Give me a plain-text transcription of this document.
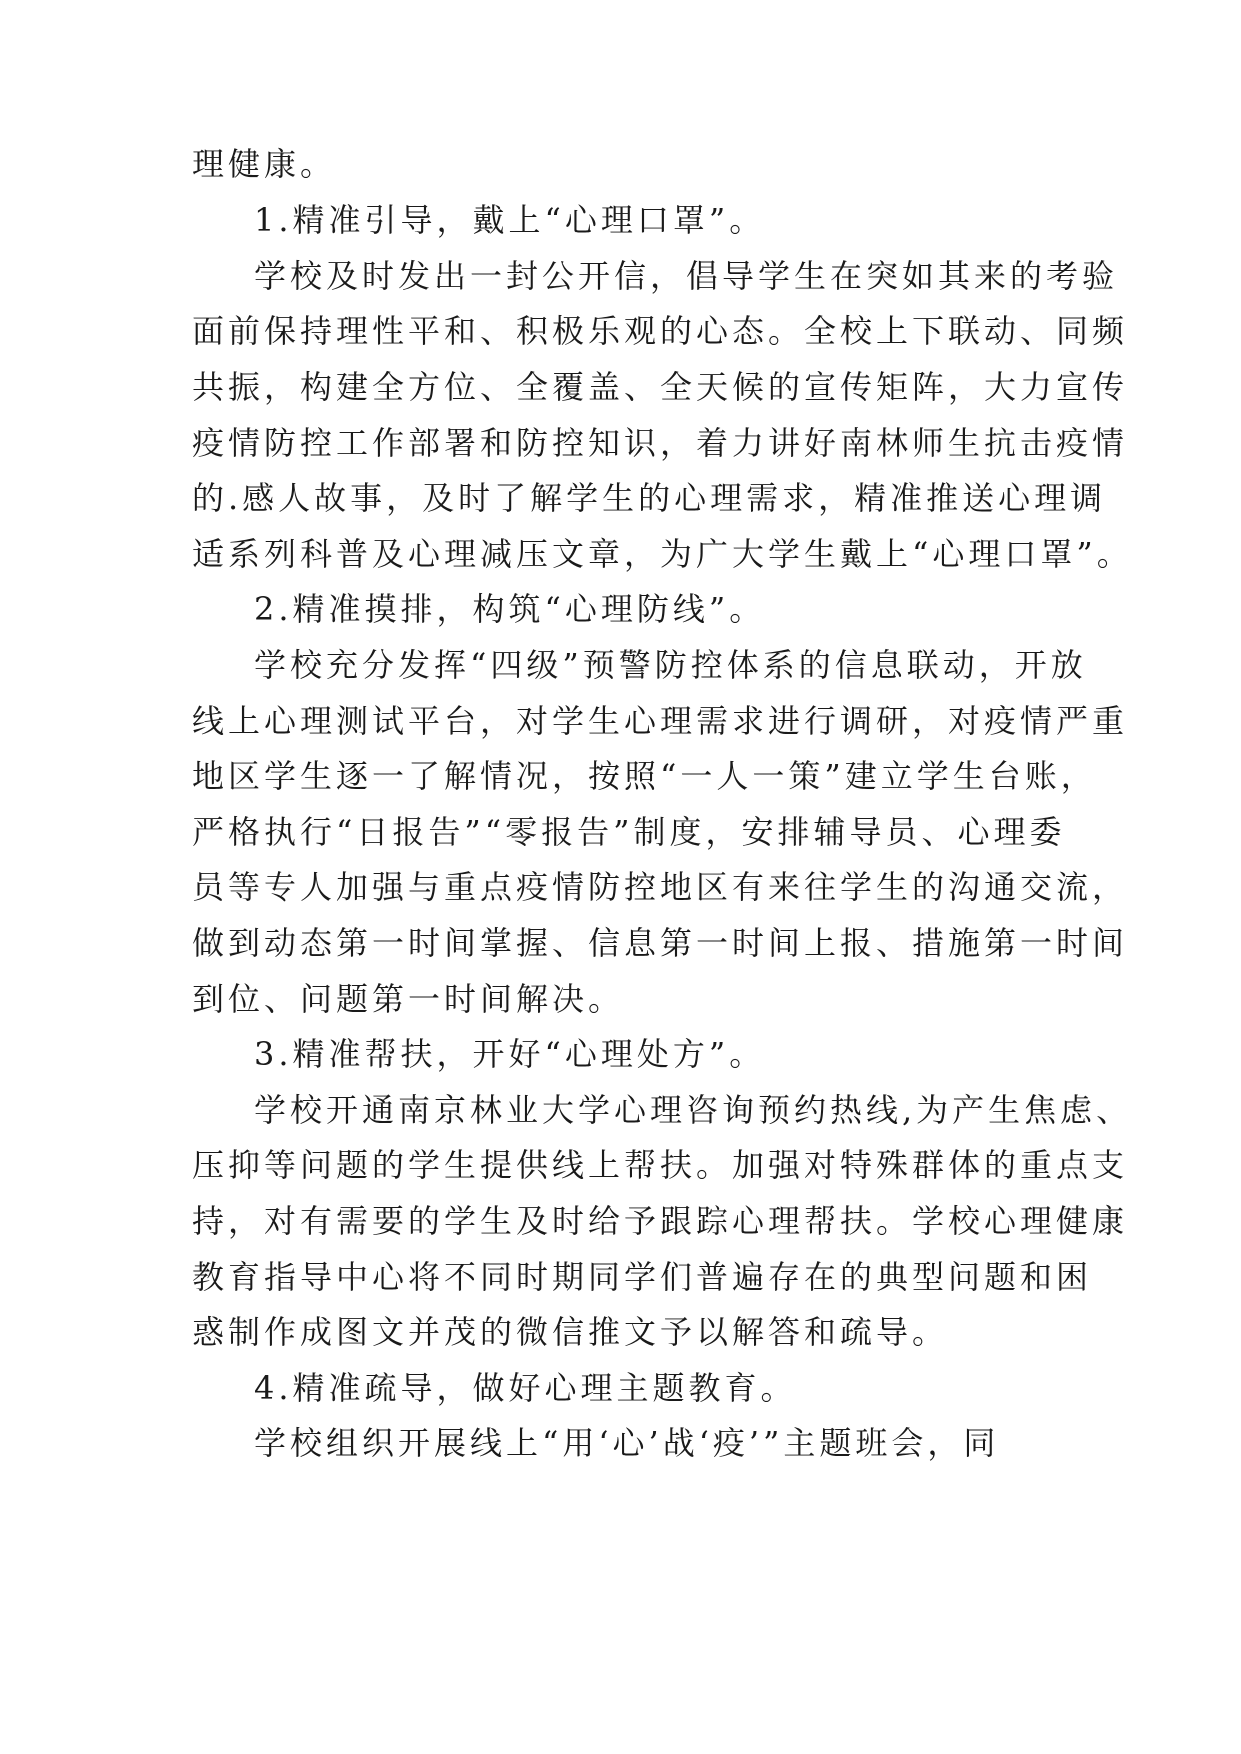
理健康。
1.精准引导，戴上“心理口罩”。
学校及时发出一封公开信，倡导学生在突如其来的考验
面前保持理性平和、积极乐观的心态。全校上下联动、同频
共振，构建全方位、全覆盖、全天候的宣传矩阵，大力宣传
疫情防控工作部署和防控知识，着力讲好南林师生抗击疫情
的.感人故事，及时了解学生的心理需求，精准推送心理调
适系列科普及心理减压文章，为广大学生戴上“心理口罩”。
2.精准摸排，构筑“心理防线”。
学校充分发挥“四级”预警防控体系的信息联动，开放
线上心理测试平台，对学生心理需求进行调研，对疫情严重
地区学生逐一了解情况，按照“一人一策”建立学生台账，
严格执行“日报告”“零报告”制度，安排辅导员、心理委
员等专人加强与重点疫情防控地区有来往学生的沟通交流，
做到动态第一时间掌握、信息第一时间上报、措施第一时间
到位、问题第一时间解决。
3.精准帮扶，开好“心理处方”。
学校开通南京林业大学心理咨询预约热线,为产生焦虑、
压抑等问题的学生提供线上帮扶。加强对特殊群体的重点支
持，对有需要的学生及时给予跟踪心理帮扶。学校心理健康
教育指导中心将不同时期同学们普遍存在的典型问题和困
惑制作成图文并茂的微信推文予以解答和疏导。
4.精准疏导，做好心理主题教育。
学校组织开展线上“用‘心’战‘疫’”主题班会，同
